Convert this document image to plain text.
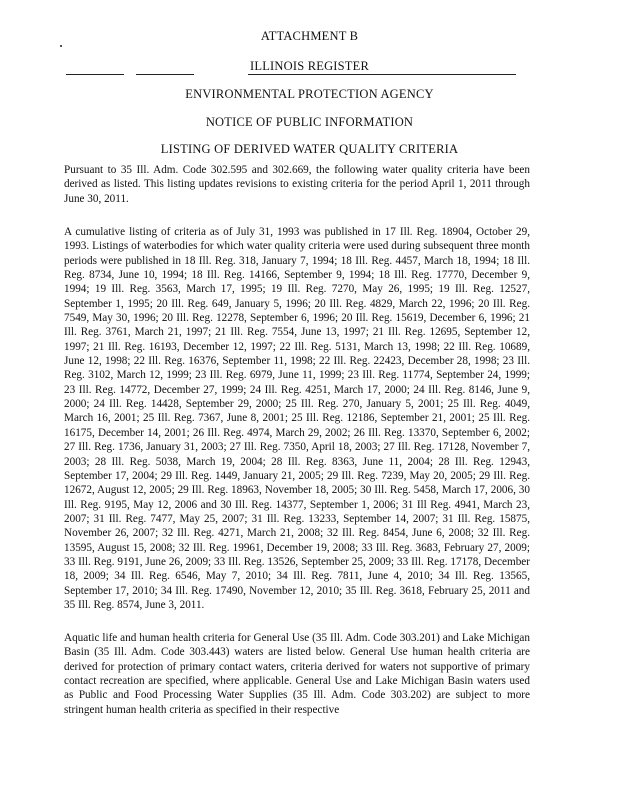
ATTACHMENT B
ILLINOIS REGISTER
ENVIRONMENTAL PROTECTION AGENCY
NOTICE OF PUBLIC INFORMATION
LISTING OF DERIVED WATER QUALITY CRITERIA

Pursuant to 35 Ill. Adm. Code 302.595 and 302.669, the following water quality criteria have been derived as listed. This listing updates revisions to existing criteria for the period April 1, 2011 through June 30, 2011.

A cumulative listing of criteria as of July 31, 1993 was published in 17 Ill. Reg. 18904, October 29, 1993. Listings of waterbodies for which water quality criteria were used during subsequent three month periods were published in 18 Ill. Reg. 318, January 7, 1994; 18 Ill. Reg. 4457, March 18, 1994; 18 Ill. Reg. 8734, June 10, 1994; 18 Ill. Reg. 14166, September 9, 1994; 18 Ill. Reg. 17770, December 9, 1994; 19 Ill. Reg. 3563, March 17, 1995; 19 Ill. Reg. 7270, May 26, 1995; 19 Ill. Reg. 12527, September 1, 1995; 20 Ill. Reg. 649, January 5, 1996; 20 Ill. Reg. 4829, March 22, 1996; 20 Ill. Reg. 7549, May 30, 1996; 20 Ill. Reg. 12278, September 6, 1996; 20 Ill. Reg. 15619, December 6, 1996; 21 Ill. Reg. 3761, March 21, 1997; 21 Ill. Reg. 7554, June 13, 1997; 21 Ill. Reg. 12695, September 12, 1997; 21 Ill. Reg. 16193, December 12, 1997; 22 Ill. Reg. 5131, March 13, 1998; 22 Ill. Reg. 10689, June 12, 1998; 22 Ill. Reg. 16376, September 11, 1998; 22 Ill. Reg. 22423, December 28, 1998; 23 Ill. Reg. 3102, March 12, 1999; 23 Ill. Reg. 6979, June 11, 1999; 23 Ill. Reg. 11774, September 24, 1999; 23 Ill. Reg. 14772, December 27, 1999; 24 Ill. Reg. 4251, March 17, 2000; 24 Ill. Reg. 8146, June 9, 2000; 24 Ill. Reg. 14428, September 29, 2000; 25 Ill. Reg. 270, January 5, 2001; 25 Ill. Reg. 4049, March 16, 2001; 25 Ill. Reg. 7367, June 8, 2001; 25 Ill. Reg. 12186, September 21, 2001; 25 Ill. Reg. 16175, December 14, 2001; 26 Ill. Reg. 4974, March 29, 2002; 26 Ill. Reg. 13370, September 6, 2002; 27 Ill. Reg. 1736, January 31, 2003; 27 Ill. Reg. 7350, April 18, 2003; 27 Ill. Reg. 17128, November 7, 2003; 28 Ill. Reg. 5038, March 19, 2004; 28 Ill. Reg. 8363, June 11, 2004; 28 Ill. Reg. 12943, September 17, 2004; 29 Ill. Reg. 1449, January 21, 2005; 29 Ill. Reg. 7239, May 20, 2005; 29 Ill. Reg. 12672, August 12, 2005; 29 Ill. Reg. 18963, November 18, 2005; 30 Ill. Reg. 5458, March 17, 2006, 30 Ill. Reg. 9195, May 12, 2006 and 30 Ill. Reg. 14377, September 1, 2006; 31 Ill Reg. 4941, March 23, 2007; 31 Ill. Reg. 7477, May 25, 2007; 31 Ill. Reg. 13233, September 14, 2007; 31 Ill. Reg. 15875, November 26, 2007; 32 Ill. Reg. 4271, March 21, 2008; 32 Ill. Reg. 8454, June 6, 2008; 32 Ill. Reg. 13595, August 15, 2008; 32 Ill. Reg. 19961, December 19, 2008; 33 Ill. Reg. 3683, February 27, 2009; 33 Ill. Reg. 9191, June 26, 2009; 33 Ill. Reg. 13526, September 25, 2009; 33 Ill. Reg. 17178, December 18, 2009; 34 Ill. Reg. 6546, May 7, 2010; 34 Ill. Reg. 7811, June 4, 2010; 34 Ill. Reg. 13565, September 17, 2010; 34 Ill. Reg. 17490, November 12, 2010; 35 Ill. Reg. 3618, February 25, 2011 and 35 Ill. Reg. 8574, June 3, 2011.

Aquatic life and human health criteria for General Use (35 Ill. Adm. Code 303.201) and Lake Michigan Basin (35 Ill. Adm. Code 303.443) waters are listed below. General Use human health criteria are derived for protection of primary contact waters, criteria derived for waters not supportive of primary contact recreation are specified, where applicable. General Use and Lake Michigan Basin waters used as Public and Food Processing Water Supplies (35 Ill. Adm. Code 303.202) are subject to more stringent human health criteria as specified in their respective
